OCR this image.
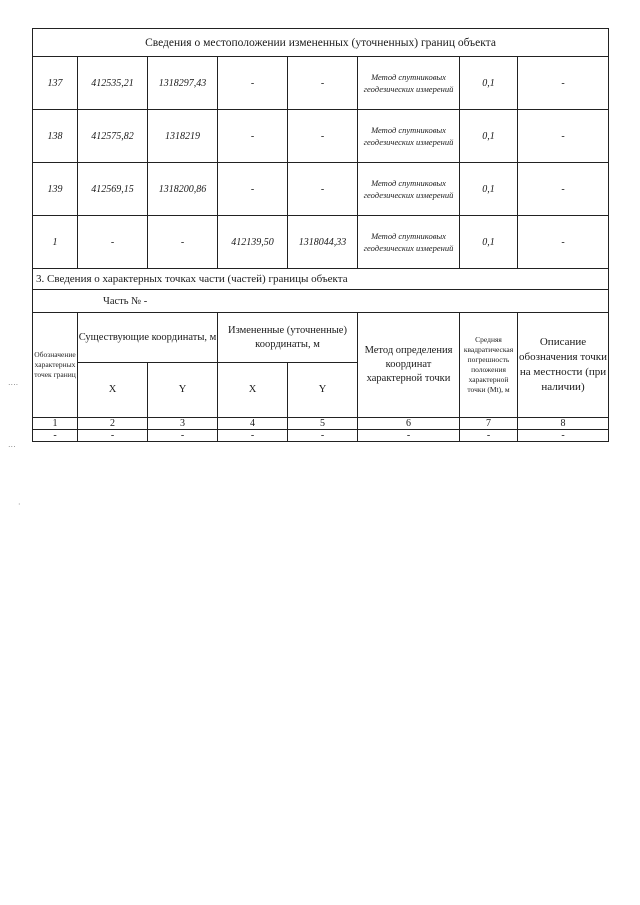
Сведения о местоположении измененных (уточненных) границ объекта							
137	412535,21	1318297,43	-	-	Метод спутниковых геодезических измерений	0,1	-
138	412575,82	1318219	-	-	Метод спутниковых геодезических измерений	0,1	-
139	412569,15	1318200,86	-	-	Метод спутниковых геодезических измерений	0,1	-
1	-	-	412139,50	1318044,33	Метод спутниковых геодезических измерений	0,1	-
3. Сведения о характерных точках части (частей) границы объекта							
Часть № -							
Обозначение характерных точек границ	Существующие координаты, м		Измененные (уточненные) координаты, м		Метод определения координат характерной точки	Средняя квадратическая погрешность положения характерной точки (Mt), м	Описание обозначения точки на местности (при наличии)
	X	Y	X	Y			
1	2	3	4	5	6	7	8
-	-	-	-	-	-	-	-
....
...
·
